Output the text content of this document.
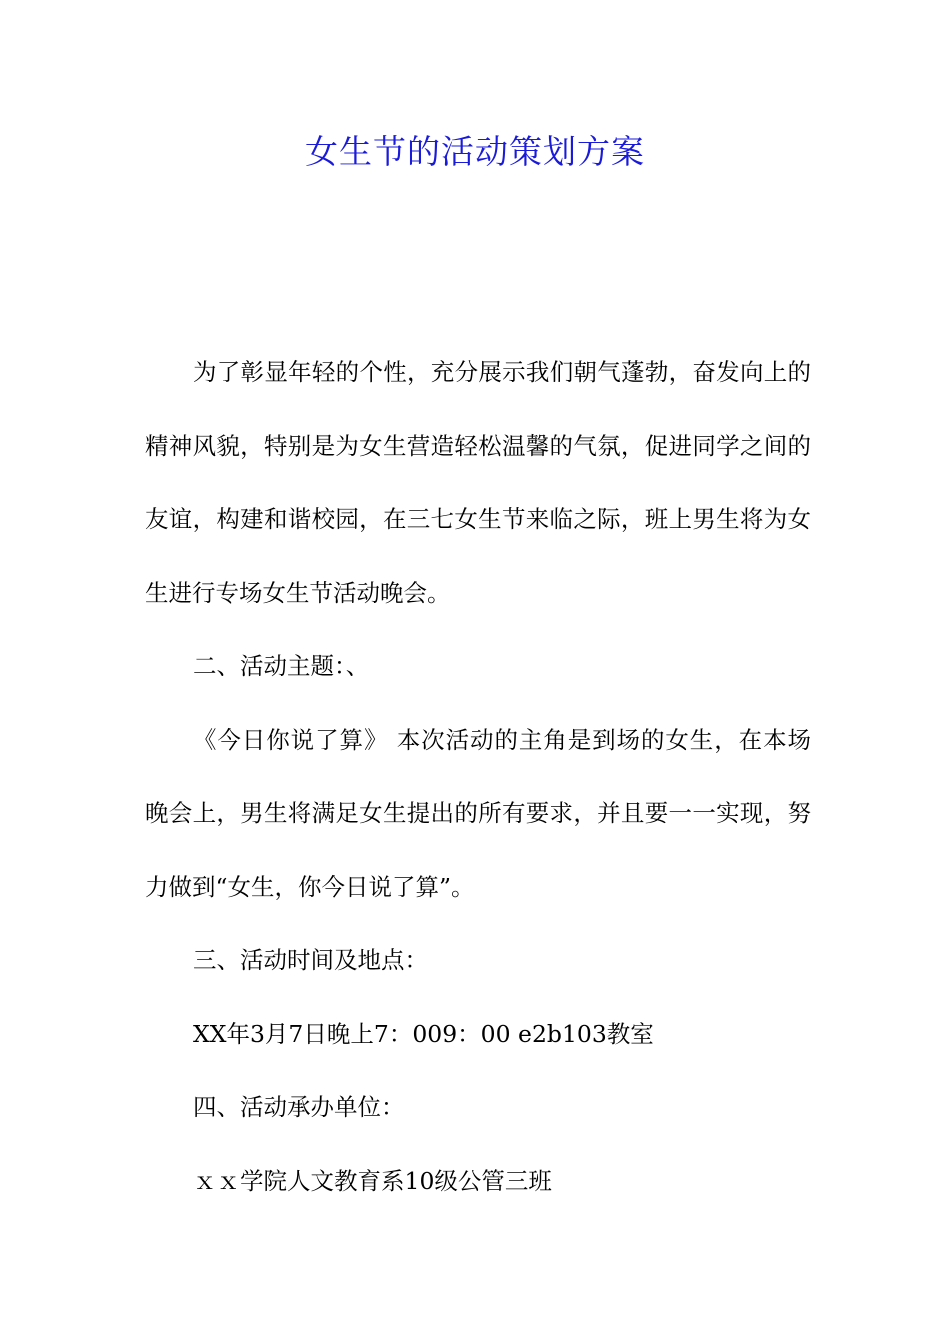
女生节的活动策划方案

为了彰显年轻的个性，充分展示我们朝气蓬勃，奋发向上的精神风貌，特别是为女生营造轻松温馨的气氛，促进同学之间的友谊，构建和谐校园，在三七女生节来临之际，班上男生将为女生进行专场女生节活动晚会。

二、活动主题：、

《今日你说了算》 本次活动的主角是到场的女生，在本场晚会上，男生将满足女生提出的所有要求，并且要一一实现，努力做到“女生，你今日说了算”。

三、活动时间及地点：

XX年3月7日晚上7：009：00 e2b103教室

四、活动承办单位：

ｘｘ学院人文教育系10级公管三班
